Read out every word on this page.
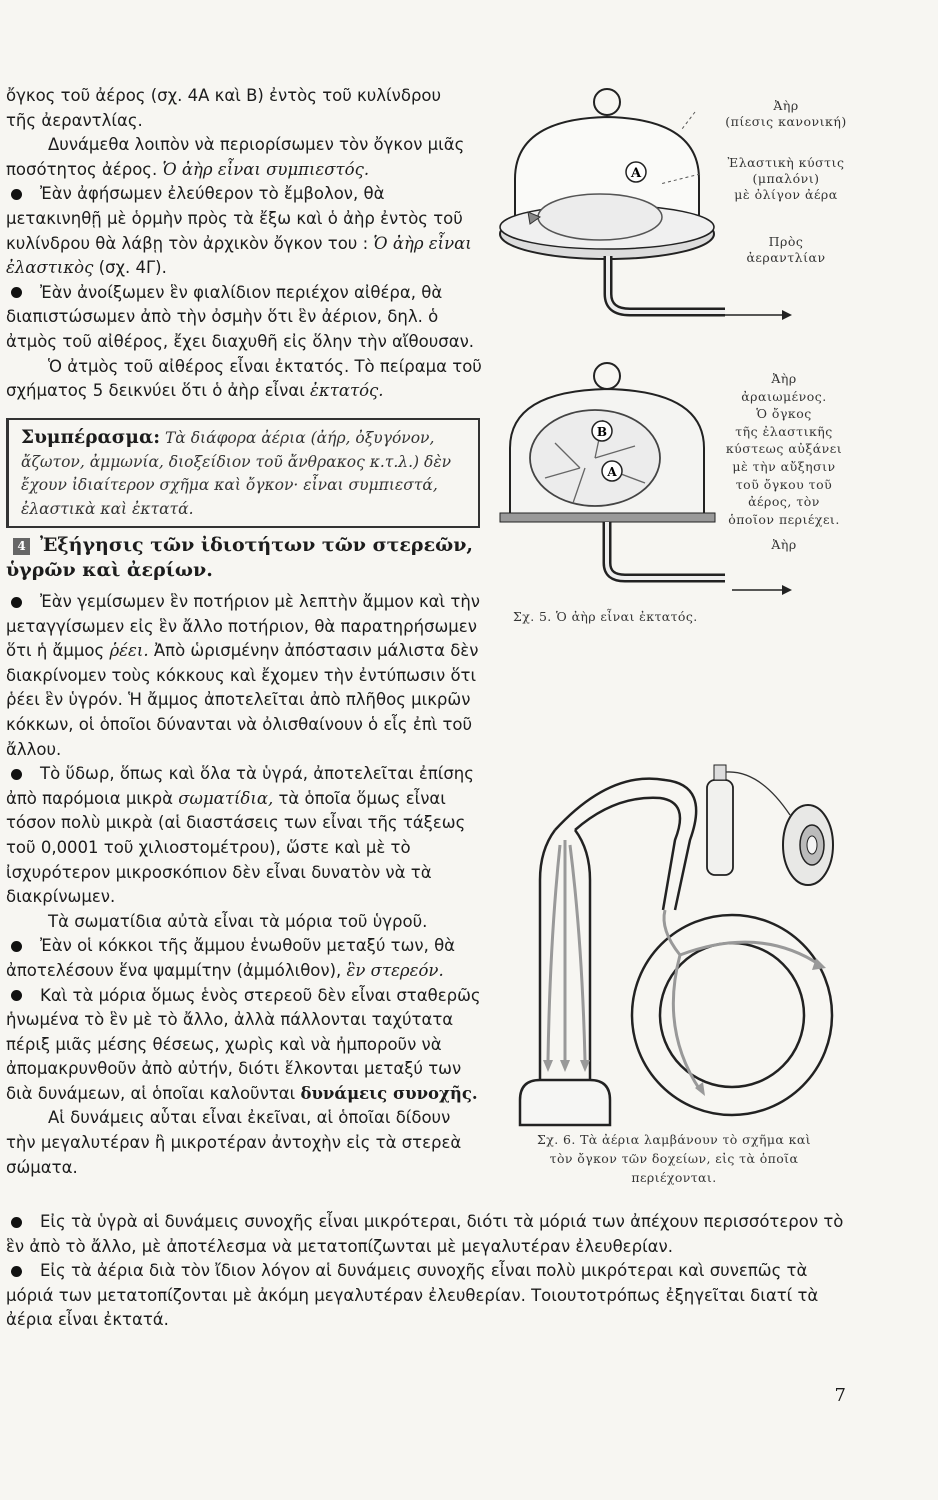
ὄγκος τοῦ ἀέρος (σχ. 4Α καὶ Β) ἐντὸς τοῦ κυλίνδρου
τῆς ἀεραντλίας.

Δυνάμεθα λοιπὸν νὰ περιορίσωμεν τὸν ὄγκον μιᾶς ποσότητος ἀέρος. Ὁ ἀὴρ εἶναι συμπιεστός.

Ἐὰν ἀφήσωμεν ἐλεύθερον τὸ ἔμβολον, θὰ μετακινηθῇ μὲ ὁρμὴν πρὸς τὰ ἔξω καὶ ὁ ἀὴρ ἐντὸς τοῦ κυλίνδρου θὰ λάβῃ τὸν ἀρχικὸν ὄγκον του : Ὁ ἀὴρ εἶναι ἐλαστικὸς (σχ. 4Γ).

Ἐὰν ἀνοίξωμεν ἓν φιαλίδιον περιέχον αἰθέρα, θὰ διαπιστώσωμεν ἀπὸ τὴν ὀσμὴν ὅτι ἓν ἀέριον, δηλ. ὁ ἀτμὸς τοῦ αἰθέρος, ἔχει διαχυθῆ εἰς ὅλην τὴν αἴθουσαν.

Ὁ ἀτμὸς τοῦ αἰθέρος εἶναι ἐκτατός. Τὸ πείραμα τοῦ σχήματος 5 δεικνύει ὅτι ὁ ἀὴρ εἶναι ἐκτατός.

Συμπέρασμα: Τὰ διάφορα ἀέρια (ἀήρ, ὀξυγόνον, ἄζωτον, ἀμμωνία, διοξείδιον τοῦ ἄνθρακος κ.τ.λ.) δὲν ἔχουν ἰδιαίτερον σχῆμα καὶ ὄγκον· εἶναι συμπιεστά, ἐλαστικὰ καὶ ἐκτατά.
4 Ἐξήγησις τῶν ἰδιοτήτων τῶν στερεῶν, ὑγρῶν καὶ ἀερίων.

Ἐὰν γεμίσωμεν ἓν ποτήριον μὲ λεπτὴν ἄμμον καὶ τὴν μεταγγίσωμεν εἰς ἓν ἄλλο ποτήριον, θὰ παρατηρήσωμεν ὅτι ἡ ἄμμος ῥέει. Ἀπὸ ὡρισμένην ἀπόστασιν μάλιστα δὲν διακρίνομεν τοὺς κόκκους καὶ ἔχομεν τὴν ἐντύπωσιν ὅτι ῥέει ἓν ὑγρόν. Ἡ ἄμμος ἀποτελεῖται ἀπὸ πλῆθος μικρῶν κόκκων, οἱ ὁποῖοι δύνανται νὰ ὀλισθαίνουν ὁ εἷς ἐπὶ τοῦ ἄλλου.

Τὸ ὕδωρ, ὅπως καὶ ὅλα τὰ ὑγρά, ἀποτελεῖται ἐπίσης ἀπὸ παρόμοια μικρὰ σωματίδια, τὰ ὁποῖα ὅμως εἶναι τόσον πολὺ μικρὰ (αἱ διαστάσεις των εἶναι τῆς τάξεως τοῦ 0,0001 τοῦ χιλιοστομέτρου), ὥστε καὶ μὲ τὸ ἰσχυρότερον μικροσκόπιον δὲν εἶναι δυνατὸν νὰ τὰ διακρίνωμεν.

Τὰ σωματίδια αὐτὰ εἶναι τὰ μόρια τοῦ ὑγροῦ.

Ἐὰν οἱ κόκκοι τῆς ἄμμου ἑνωθοῦν μεταξύ των, θὰ ἀποτελέσουν ἕνα ψαμμίτην (ἀμμόλιθον), ἓν στερεόν.

Καὶ τὰ μόρια ὅμως ἑνὸς στερεοῦ δὲν εἶναι σταθερῶς ἡνωμένα τὸ ἓν μὲ τὸ ἄλλο, ἀλλὰ πάλλονται ταχύτατα πέριξ μιᾶς μέσης θέσεως, χωρὶς καὶ νὰ ἠμποροῦν νὰ ἀπομακρυνθοῦν ἀπὸ αὐτήν, διότι ἕλκονται μεταξύ των διὰ δυνάμεων, αἱ ὁποῖαι καλοῦνται δυνάμεις συνοχῆς.

Αἱ δυνάμεις αὗται εἶναι ἐκεῖναι, αἱ ὁποῖαι δίδουν τὴν μεγαλυτέραν ἢ μικροτέραν ἀντοχὴν εἰς τὰ στερεὰ σώματα.

Εἰς τὰ ὑγρὰ αἱ δυνάμεις συνοχῆς εἶναι μικρότεραι, διότι τὰ μόριά των ἀπέχουν περισσότερον τὸ ἓν ἀπὸ τὸ ἄλλο, μὲ ἀποτέλεσμα νὰ μετατοπίζωνται μὲ μεγαλυτέραν ἐλευθερίαν.

Εἰς τὰ ἀέρια διὰ τὸν ἴδιον λόγον αἱ δυνάμεις συνοχῆς εἶναι πολὺ μικρότεραι καὶ συνεπῶς τὰ μόριά των μετατοπίζονται μὲ ἀκόμη μεγαλυτέραν ἐλευθερίαν. Τοιουτοτρόπως ἐξηγεῖται διατί τὰ ἀέρια εἶναι ἐκτατά.

A
Ἀὴρ
(πίεσις κανονική)
Ἐλαστικὴ κύστις
(μπαλόνι)
μὲ ὀλίγον ἀέρα
Πρὸς
ἀεραντλίαν
B
A
Ἀὴρ
ἀραιωμένος.
Ὁ ὄγκος
τῆς ἐλαστικῆς
κύστεως αὐξάνει
μὲ τὴν αὔξησιν
τοῦ ὄγκου τοῦ
ἀέρος, τὸν
ὁποῖον περιέχει.
Ἀὴρ
Σχ. 5. Ὁ ἀὴρ εἶναι ἐκτατός.
Σχ. 6. Τὰ ἀέρια λαμβάνουν τὸ σχῆμα καὶ
τὸν ὄγκον τῶν δοχείων, εἰς τὰ ὁποῖα
περιέχονται.
7
